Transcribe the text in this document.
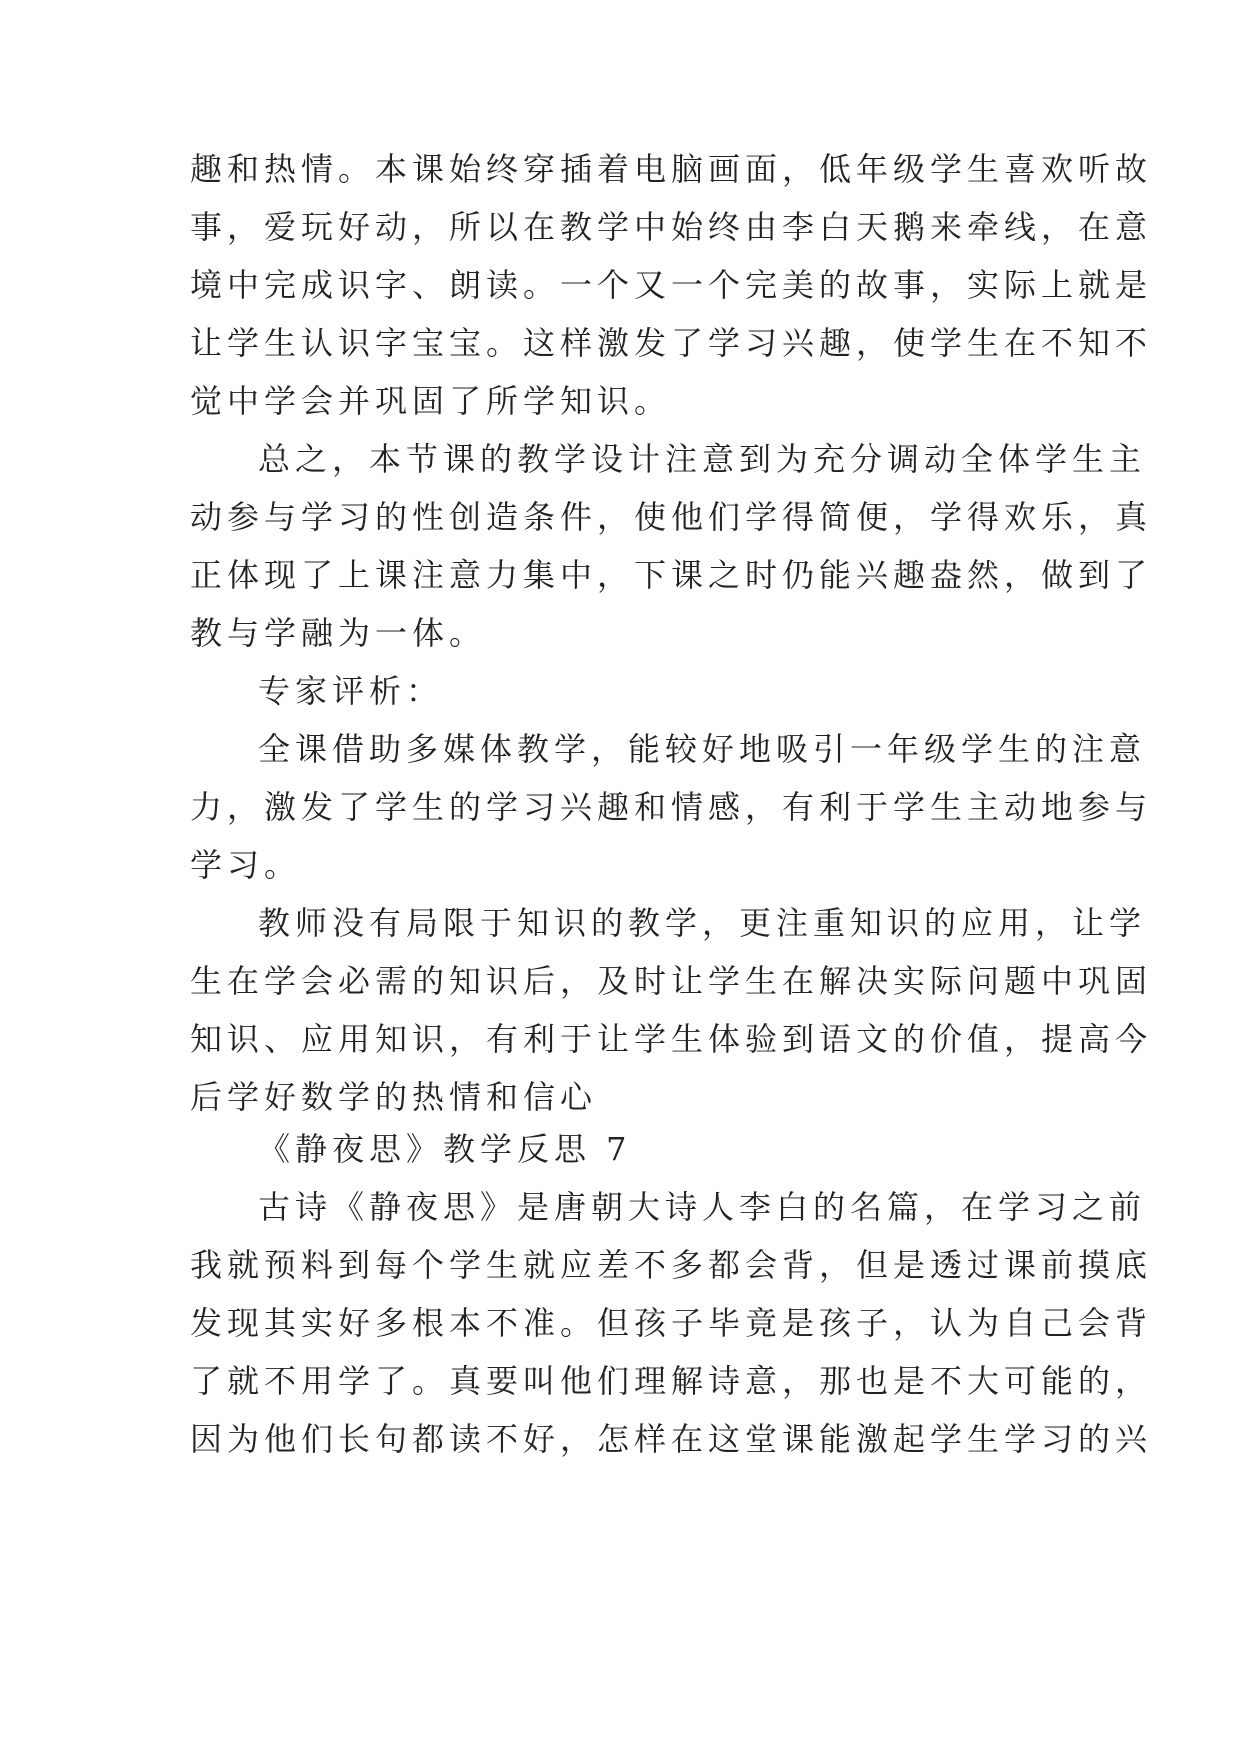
趣和热情。本课始终穿插着电脑画面，低年级学生喜欢听故
事，爱玩好动，所以在教学中始终由李白天鹅来牵线，在意
境中完成识字、朗读。一个又一个完美的故事，实际上就是
让学生认识字宝宝。这样激发了学习兴趣，使学生在不知不
觉中学会并巩固了所学知识。
总之，本节课的教学设计注意到为充分调动全体学生主
动参与学习的性创造条件，使他们学得简便，学得欢乐，真
正体现了上课注意力集中，下课之时仍能兴趣盎然，做到了
教与学融为一体。
专家评析：
全课借助多媒体教学，能较好地吸引一年级学生的注意
力，激发了学生的学习兴趣和情感，有利于学生主动地参与
学习。
教师没有局限于知识的教学，更注重知识的应用，让学
生在学会必需的知识后，及时让学生在解决实际问题中巩固
知识、应用知识，有利于让学生体验到语文的价值，提高今
后学好数学的热情和信心
《静夜思》教学反思 7
古诗《静夜思》是唐朝大诗人李白的名篇，在学习之前
我就预料到每个学生就应差不多都会背，但是透过课前摸底
发现其实好多根本不准。但孩子毕竟是孩子，认为自己会背
了就不用学了。真要叫他们理解诗意，那也是不大可能的，
因为他们长句都读不好，怎样在这堂课能激起学生学习的兴
